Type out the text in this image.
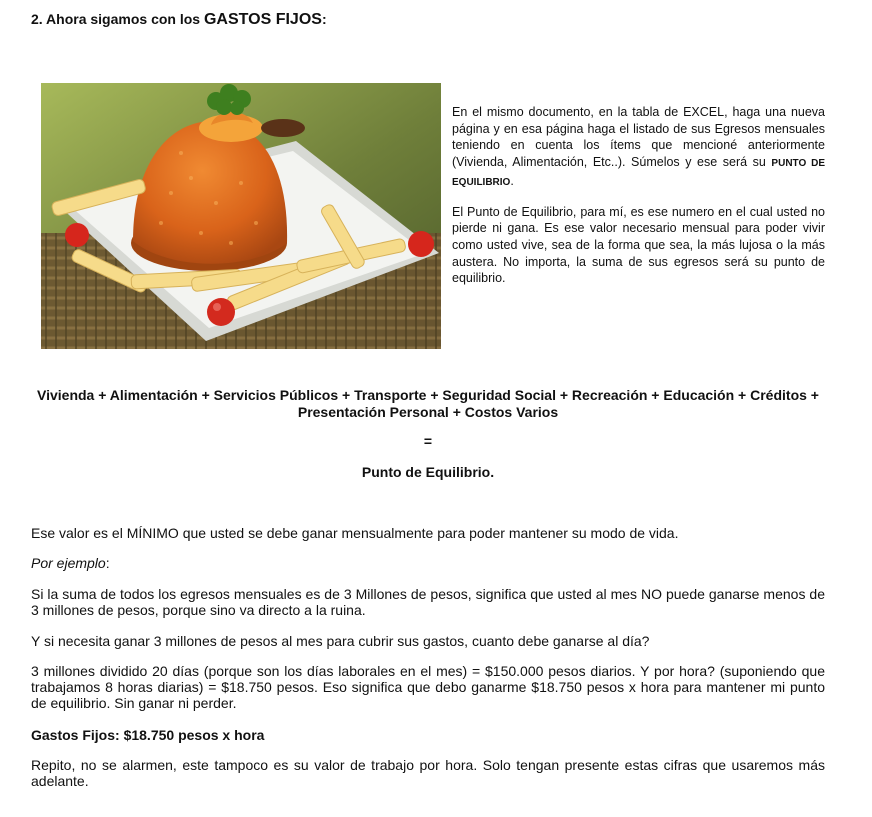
2. Ahora sigamos con los GASTOS FIJOS:

En el mismo documento, en la tabla de EXCEL, haga una nueva página y en esa página haga el listado de sus Egresos mensuales teniendo en cuenta los ítems que mencioné anteriormente (Vivienda, Alimentación, Etc..). Súmelos y ese será su PUNTO DE EQUILIBRIO.

El Punto de Equilibrio, para mí, es ese numero en el cual usted no pierde ni gana. Es ese valor necesario mensual para poder vivir como usted vive, sea de la forma que sea, la más lujosa o la más austera. No importa, la suma de sus egresos será su punto de equilibrio.

Vivienda + Alimentación + Servicios Públicos + Transporte + Seguridad Social + Recreación + Educación + Créditos +
Presentación Personal + Costos Varios
=
Punto de Equilibrio.

Ese valor es el MÍNIMO que usted se debe ganar mensualmente para poder mantener su modo de vida.

Por ejemplo:

Si la suma de todos los egresos mensuales es de 3 Millones de pesos, significa que usted al mes NO puede ganarse menos de 3 millones de pesos, porque sino va directo a la ruina.

Y si necesita ganar 3 millones de pesos al mes para cubrir sus gastos, cuanto debe ganarse al día?

3 millones dividido 20 días (porque son los días laborales en el mes) = $150.000 pesos diarios. Y por hora? (suponiendo que trabajamos 8 horas diarias) = $18.750 pesos. Eso significa que debo ganarme $18.750 pesos x hora para mantener mi punto de equilibrio. Sin ganar ni perder.

Gastos Fijos: $18.750 pesos x hora

Repito, no se alarmen, este tampoco es su valor de trabajo por hora. Solo tengan presente estas cifras que usaremos más adelante.
